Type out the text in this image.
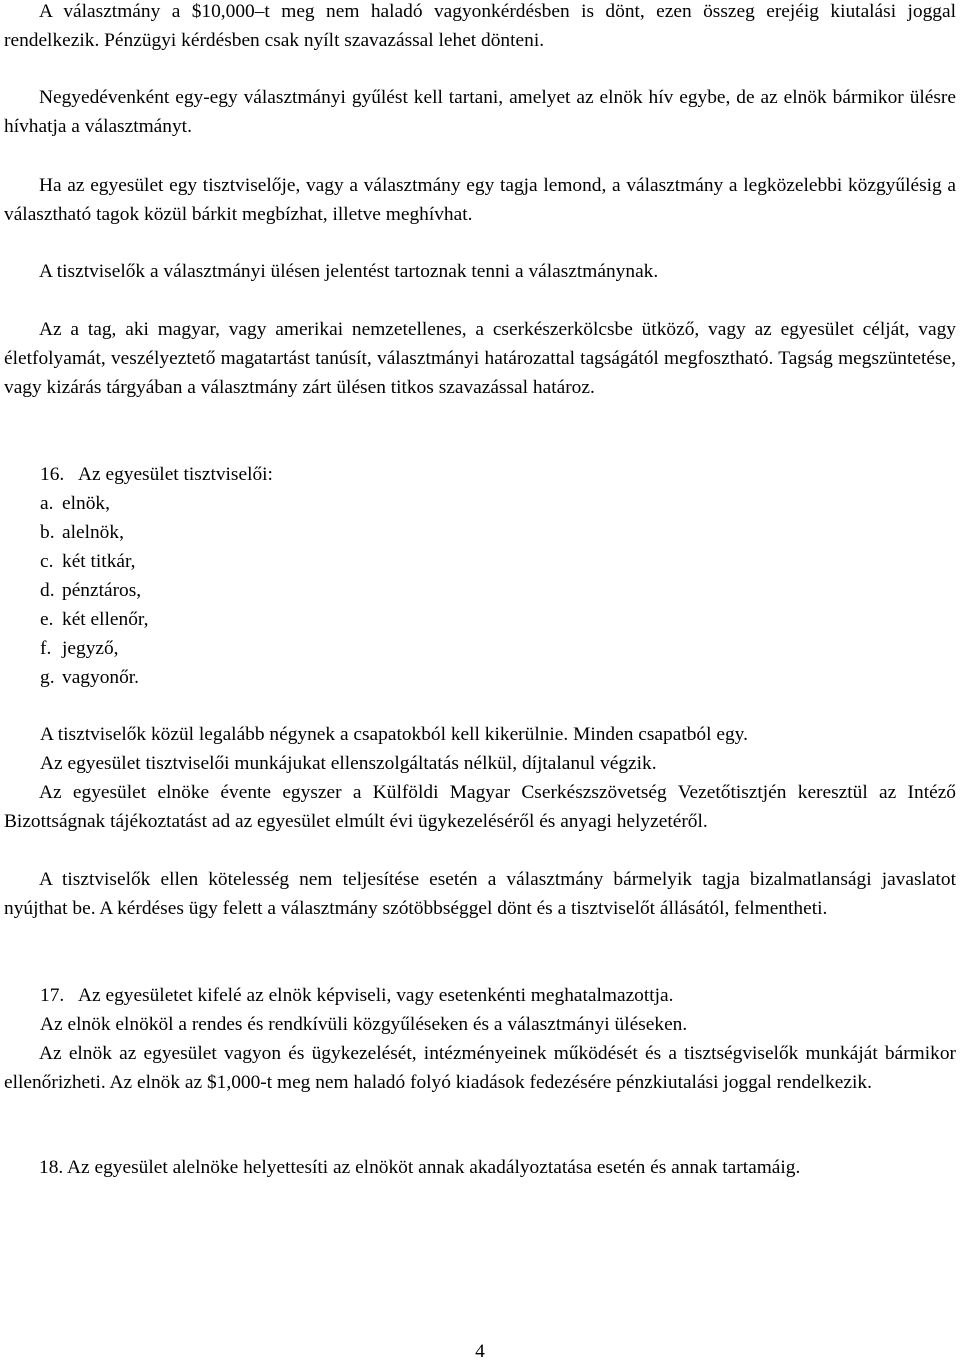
A választmány a $10,000–t meg nem haladó vagyonkérdésben is dönt, ezen összeg erejéig kiutalási joggal rendelkezik. Pénzügyi kérdésben csak nyílt szavazással lehet dönteni.

Negyedévenként egy-egy választmányi gyűlést kell tartani, amelyet az elnök hív egybe, de az elnök bármikor ülésre hívhatja a választmányt.

Ha az egyesület egy tisztviselője, vagy a választmány egy tagja lemond, a választmány a legközelebbi közgyűlésig a választható tagok közül bárkit megbízhat, illetve meghívhat.

A tisztviselők a választmányi ülésen jelentést tartoznak tenni a választmánynak.

Az a tag, aki magyar, vagy amerikai nemzetellenes, a cserkészerkölcsbe ütköző, vagy az egyesület célját, vagy életfolyamát, veszélyeztető magatartást tanúsít, választmányi határozattal tagságától megfosztható. Tagság megszüntetése, vagy kizárás tárgyában a választmány zárt ülésen titkos szavazással határoz.

16. Az egyesület tisztviselői:
a. elnök,
b. alelnök,
c. két titkár,
d. pénztáros,
e. két ellenőr,
f. jegyző,
g. vagyonőr.
A tisztviselők közül legalább négynek a csapatokból kell kikerülnie. Minden csapatból egy.
Az egyesület tisztviselői munkájukat ellenszolgáltatás nélkül, díjtalanul végzik.

Az egyesület elnöke évente egyszer a Külföldi Magyar Cserkészszövetség Vezetőtisztjén keresztül az Intéző Bizottságnak tájékoztatást ad az egyesület elmúlt évi ügykezeléséről és anyagi helyzetéről.

A tisztviselők ellen kötelesség nem teljesítése esetén a választmány bármelyik tagja bizalmatlansági javaslatot nyújthat be. A kérdéses ügy felett a választmány szótöbbséggel dönt és a tisztviselőt állásától, felmentheti.

17. Az egyesületet kifelé az elnök képviseli, vagy esetenkénti meghatalmazottja.
Az elnök elnököl a rendes és rendkívüli közgyűléseken és a választmányi üléseken.

Az elnök az egyesület vagyon és ügykezelését, intézményeinek működését és a tisztségviselők munkáját bármikor ellenőrizheti. Az elnök az $1,000-t meg nem haladó folyó kiadások fedezésére pénzkiutalási joggal rendelkezik.

18. Az egyesület alelnöke helyettesíti az elnököt annak akadályoztatása esetén és annak tartamáig.

4
